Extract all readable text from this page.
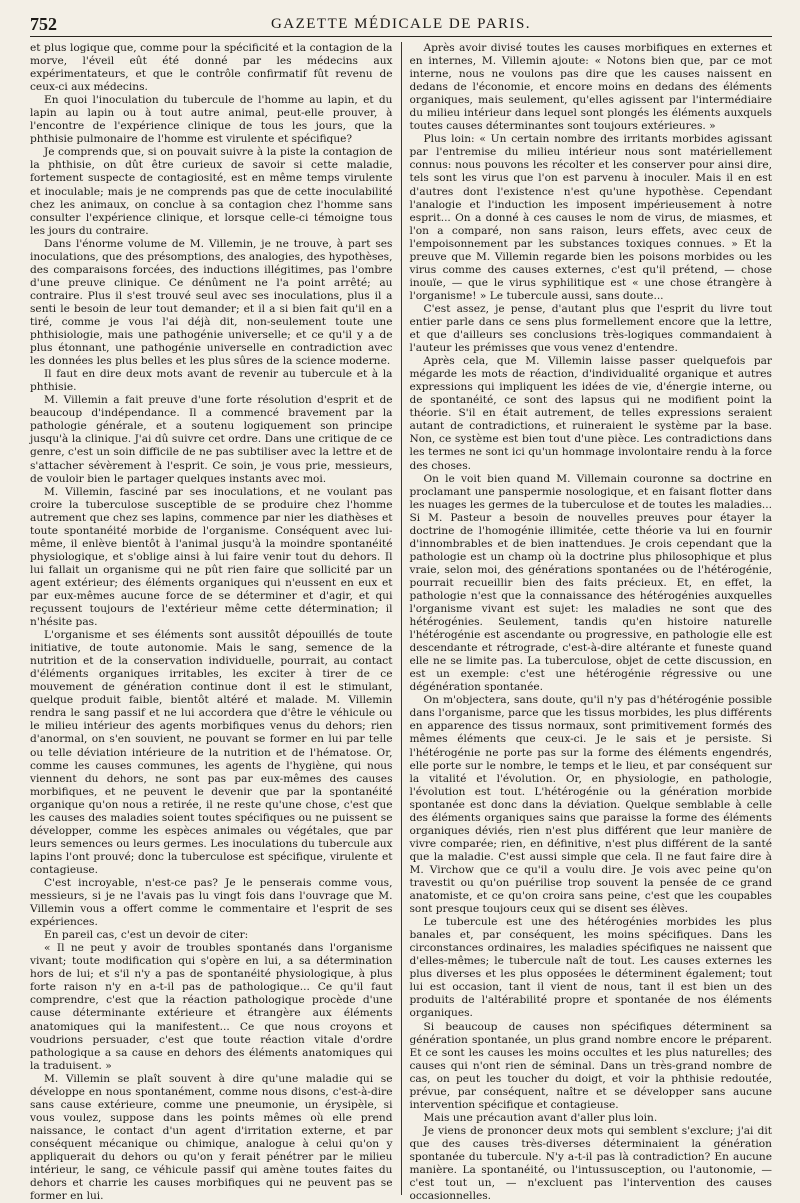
752	GAZETTE MÉDICALE DE PARIS.

et plus logique que, comme pour la spécificité et la contagion de la morve, l'éveil eût été donné par les médecins aux expérimentateurs, et que le contrôle confirmatif fût revenu de ceux-ci aux médecins.

En quoi l'inoculation du tubercule de l'homme au lapin, et du lapin au lapin ou à tout autre animal, peut-elle prouver, à l'encontre de l'expérience clinique de tous les jours, que la phthisie pulmonaire de l'homme est virulente et spécifique?

Je comprends que, si on pouvait suivre à la piste la contagion de la phthisie, on dût être curieux de savoir si cette maladie, fortement suspecte de contagiosité, est en même temps virulente et inoculable; mais je ne comprends pas que de cette inoculabilité chez les animaux, on conclue à sa contagion chez l'homme sans consulter l'expérience clinique, et lorsque celle-ci témoigne tous les jours du contraire.

Dans l'énorme volume de M. Villemin, je ne trouve, à part ses inoculations, que des présomptions, des analogies, des hypothèses, des comparaisons forcées, des inductions illégitimes, pas l'ombre d'une preuve clinique. Ce dénûment ne l'a point arrêté; au contraire. Plus il s'est trouvé seul avec ses inoculations, plus il a senti le besoin de leur tout demander; et il a si bien fait qu'il en a tiré, comme je vous l'ai déjà dit, non-seulement toute une phthisiologie, mais une pathogénie universelle; et ce qu'il y a de plus étonnant, une pathogénie universelle en contradiction avec les données les plus belles et les plus sûres de la science moderne.

Il faut en dire deux mots avant de revenir au tubercule et à la phthisie.

M. Villemin a fait preuve d'une forte résolution d'esprit et de beaucoup d'indépendance. Il a commencé bravement par la pathologie générale, et a soutenu logiquement son principe jusqu'à la clinique. J'ai dû suivre cet ordre. Dans une critique de ce genre, c'est un soin difficile de ne pas subtiliser avec la lettre et de s'attacher sévèrement à l'esprit. Ce soin, je vous prie, messieurs, de vouloir bien le partager quelques instants avec moi.

M. Villemin, fasciné par ses inoculations, et ne voulant pas croire la tuberculose susceptible de se produire chez l'homme autrement que chez ses lapins, commence par nier les diathèses et toute spontanéité morbide de l'organisme. Conséquent avec lui-même, il enlève bientôt à l'animal jusqu'à la moindre spontanéité physiologique, et s'oblige ainsi à lui faire venir tout du dehors. Il lui fallait un organisme qui ne pût rien faire que sollicité par un agent extérieur; des éléments organiques qui n'eussent en eux et par eux-mêmes aucune force de se déterminer et d'agir, et qui reçussent toujours de l'extérieur même cette détermination; il n'hésite pas.

L'organisme et ses éléments sont aussitôt dépouillés de toute initiative, de toute autonomie. Mais le sang, semence de la nutrition et de la conservation individuelle, pourrait, au contact d'éléments organiques irritables, les exciter à tirer de ce mouvement de génération continue dont il est le stimulant, quelque produit faible, bientôt altéré et malade. M. Villemin rendra le sang passif et ne lui accordera que d'être le véhicule ou le milieu intérieur des agents morbifiques venus du dehors; rien d'anormal, on s'en souvient, ne pouvant se former en lui par telle ou telle déviation intérieure de la nutrition et de l'hématose. Or, comme les causes communes, les agents de l'hygiène, qui nous viennent du dehors, ne sont pas par eux-mêmes des causes morbifiques, et ne peuvent le devenir que par la spontanéité organique qu'on nous a retirée, il ne reste qu'une chose, c'est que les causes des maladies soient toutes spécifiques ou ne puissent se développer, comme les espèces animales ou végétales, que par leurs semences ou leurs germes. Les inoculations du tubercule aux lapins l'ont prouvé; donc la tuberculose est spécifique, virulente et contagieuse.

C'est incroyable, n'est-ce pas? Je le penserais comme vous, messieurs, si je ne l'avais pas lu vingt fois dans l'ouvrage que M. Villemin vous a offert comme le commentaire et l'esprit de ses expériences.

En pareil cas, c'est un devoir de citer:

« Il ne peut y avoir de troubles spontanés dans l'organisme vivant; toute modification qui s'opère en lui, a sa détermination hors de lui; et s'il n'y a pas de spontanéité physiologique, à plus forte raison n'y en a-t-il pas de pathologique... Ce qu'il faut comprendre, c'est que la réaction pathologique procède d'une cause déterminante extérieure et étrangère aux éléments anatomiques qui la manifestent... Ce que nous croyons et voudrions persuader, c'est que toute réaction vitale d'ordre pathologique a sa cause en dehors des éléments anatomiques qui la traduisent. »

M. Villemin se plaît souvent à dire qu'une maladie qui se développe en nous spontanément, comme nous disons, c'est-à-dire sans cause extérieure, comme une pneumonie, un érysipèle, si vous voulez, suppose dans les points mêmes où elle prend naissance, le contact d'un agent d'irritation externe, et par conséquent mécanique ou chimique, analogue à celui qu'on y appliquerait du dehors ou qu'on y ferait pénétrer par le milieu intérieur, le sang, ce véhicule passif qui amène toutes faites du dehors et charrie les causes morbifiques qui ne peuvent pas se former en lui.

Après avoir divisé toutes les causes morbifiques en externes et en internes, M. Villemin ajoute: « Notons bien que, par ce mot interne, nous ne voulons pas dire que les causes naissent en dedans de l'économie, et encore moins en dedans des éléments organiques, mais seulement, qu'elles agissent par l'intermédiaire du milieu intérieur dans lequel sont plongés les éléments auxquels toutes causes déterminantes sont toujours extérieures. »

Plus loin: « Un certain nombre des irritants morbides agissant par l'entremise du milieu intérieur nous sont matériellement connus: nous pouvons les récolter et les conserver pour ainsi dire, tels sont les virus que l'on est parvenu à inoculer. Mais il en est d'autres dont l'existence n'est qu'une hypothèse. Cependant l'analogie et l'induction les imposent impérieusement à notre esprit... On a donné à ces causes le nom de virus, de miasmes, et l'on a comparé, non sans raison, leurs effets, avec ceux de l'empoisonnement par les substances toxiques connues. » Et la preuve que M. Villemin regarde bien les poisons morbides ou les virus comme des causes externes, c'est qu'il prétend, — chose inouïe, — que le virus syphilitique est « une chose étrangère à l'organisme! » Le tubercule aussi, sans doute...

C'est assez, je pense, d'autant plus que l'esprit du livre tout entier parle dans ce sens plus formellement encore que la lettre, et que d'ailleurs ses conclusions très-logiques commandaient à l'auteur les prémisses que vous venez d'entendre.

Après cela, que M. Villemin laisse passer quelquefois par mégarde les mots de réaction, d'individualité organique et autres expressions qui impliquent les idées de vie, d'énergie interne, ou de spontanéité, ce sont des lapsus qui ne modifient point la théorie. S'il en était autrement, de telles expressions seraient autant de contradictions, et ruineraient le système par la base. Non, ce système est bien tout d'une pièce. Les contradictions dans les termes ne sont ici qu'un hommage involontaire rendu à la force des choses.

On le voit bien quand M. Villemain couronne sa doctrine en proclamant une panspermie nosologique, et en faisant flotter dans les nuages les germes de la tuberculose et de toutes les maladies... Si M. Pasteur a besoin de nouvelles preuves pour étayer la doctrine de l'homogénie illimitée, cette théorie va lui en fournir d'innombrables et de bien inattendues. Je crois cependant que la pathologie est un champ où la doctrine plus philosophique et plus vraie, selon moi, des générations spontanées ou de l'hétérogénie, pourrait recueillir bien des faits précieux. Et, en effet, la pathologie n'est que la connaissance des hétérogénies auxquelles l'organisme vivant est sujet: les maladies ne sont que des hétérogénies. Seulement, tandis qu'en histoire naturelle l'hétérogénie est ascendante ou progressive, en pathologie elle est descendante et rétrograde, c'est-à-dire altérante et funeste quand elle ne se limite pas. La tuberculose, objet de cette discussion, en est un exemple: c'est une hétérogénie régressive ou une dégénération spontanée.

On m'objectera, sans doute, qu'il n'y pas d'hétérogénie possible dans l'organisme, parce que les tissus morbides, les plus différents en apparence des tissus normaux, sont primitivement formés des mêmes éléments que ceux-ci. Je le sais et je persiste. Si l'hétérogénie ne porte pas sur la forme des éléments engendrés, elle porte sur le nombre, le temps et le lieu, et par conséquent sur la vitalité et l'évolution. Or, en physiologie, en pathologie, l'évolution est tout. L'hétérogénie ou la génération morbide spontanée est donc dans la déviation. Quelque semblable à celle des éléments organiques sains que paraisse la forme des éléments organiques déviés, rien n'est plus différent que leur manière de vivre comparée; rien, en définitive, n'est plus différent de la santé que la maladie. C'est aussi simple que cela. Il ne faut faire dire à M. Virchow que ce qu'il a voulu dire. Je vois avec peine qu'on travestit ou qu'on puérilise trop souvent la pensée de ce grand anatomiste, et ce qu'on croira sans peine, c'est que les coupables sont presque toujours ceux qui se disent ses élèves.

Le tubercule est une des hétérogénies morbides les plus banales et, par conséquent, les moins spécifiques. Dans les circonstances ordinaires, les maladies spécifiques ne naissent que d'elles-mêmes; le tubercule naît de tout. Les causes externes les plus diverses et les plus opposées le déterminent également; tout lui est occasion, tant il vient de nous, tant il est bien un des produits de l'altérabilité propre et spontanée de nos éléments organiques.

Si beaucoup de causes non spécifiques déterminent sa génération spontanée, un plus grand nombre encore le préparent. Et ce sont les causes les moins occultes et les plus naturelles; des causes qui n'ont rien de séminal. Dans un très-grand nombre de cas, on peut les toucher du doigt, et voir la phthisie redoutée, prévue, par conséquent, naître et se développer sans aucune intervention spécifique et contagieuse.

Mais une précaution avant d'aller plus loin.

Je viens de prononcer deux mots qui semblent s'exclure; j'ai dit que des causes très-diverses déterminaient la génération spontanée du tubercule. N'y a-t-il pas là contradiction? En aucune manière. La spontanéité, ou l'intussusception, ou l'autonomie, — c'est tout un, — n'excluent pas l'intervention des causes occasionnelles.
